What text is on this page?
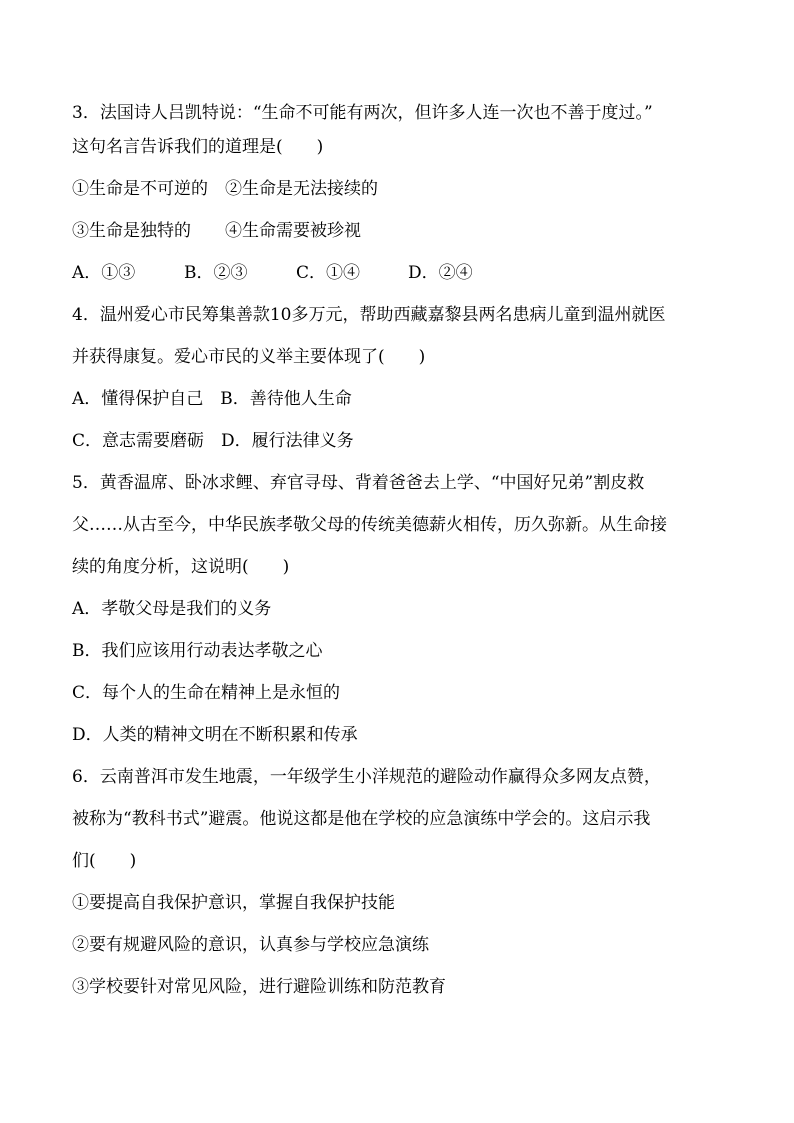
3．法国诗人吕凯特说：“生命不可能有两次，但许多人连一次也不善于度过。”
这句名言告诉我们的道理是(　　)
①生命是不可逆的　②生命是无法接续的
③生命是独特的　　④生命需要被珍视
A．①③	B．②③	C．①④	D．②④
4．温州爱心市民筹集善款10多万元，帮助西藏嘉黎县两名患病儿童到温州就医
并获得康复。爱心市民的义举主要体现了(　　)
A．懂得保护自己　B．善待他人生命
C．意志需要磨砺　D．履行法律义务
5．黄香温席、卧冰求鲤、弃官寻母、背着爸爸去上学、“中国好兄弟”割皮救
父……从古至今，中华民族孝敬父母的传统美德薪火相传，历久弥新。从生命接
续的角度分析，这说明(　　)
A．孝敬父母是我们的义务
B．我们应该用行动表达孝敬之心
C．每个人的生命在精神上是永恒的
D．人类的精神文明在不断积累和传承
6．云南普洱市发生地震，一年级学生小洋规范的避险动作赢得众多网友点赞，
被称为“教科书式”避震。他说这都是他在学校的应急演练中学会的。这启示我
们(　　)
①要提高自我保护意识，掌握自我保护技能
②要有规避风险的意识，认真参与学校应急演练
③学校要针对常见风险，进行避险训练和防范教育
